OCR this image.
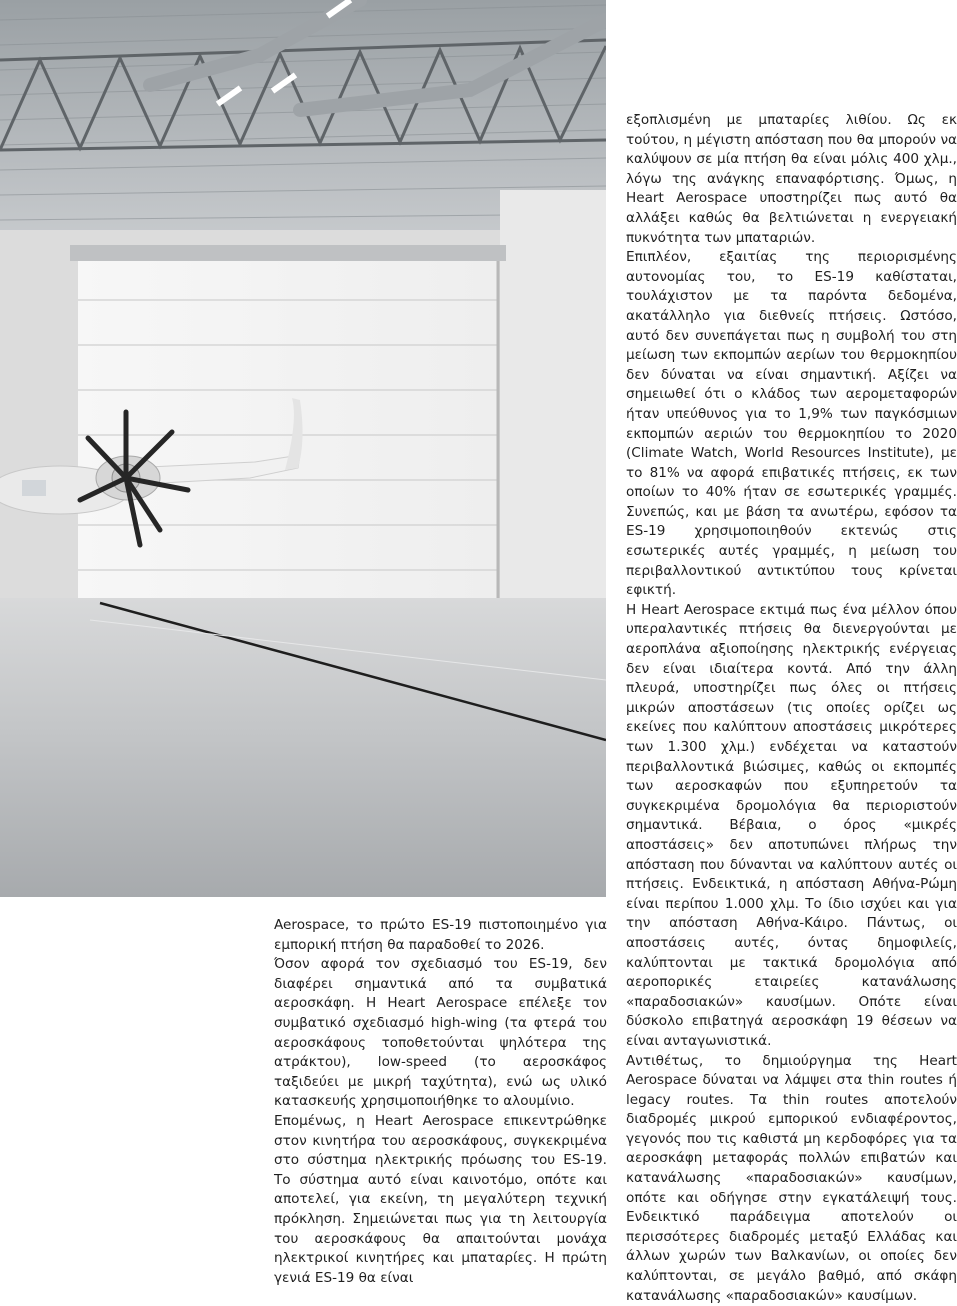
Aerospace, το πρώτο ES-19 πιστοποιημένο για εμπορική πτήση θα παραδοθεί το 2026.

Όσον αφορά τον σχεδιασμό του ES-19, δεν διαφέρει σημαντικά από τα συμβατικά αεροσκάφη. Η Heart Aerospace επέλεξε τον συμβατικό σχεδιασμό high-wing (τα φτερά του αεροσκάφους τοποθετούνται ψηλότερα της ατράκτου), low-speed (το αεροσκάφος ταξιδεύει με μικρή ταχύτητα), ενώ ως υλικό κατασκευής χρησιμοποιήθηκε το αλουμίνιο.

Επομένως, η Heart Aerospace επικεντρώθηκε στον κινητήρα του αεροσκάφους, συγκεκριμένα στο σύστημα ηλεκτρικής πρόωσης του ES-19. Το σύστημα αυτό είναι καινοτόμο, οπότε και αποτελεί, για εκείνη, τη μεγαλύτερη τεχνική πρόκληση. Σημειώνεται πως για τη λειτουργία του αεροσκάφους θα απαιτούνται μονάχα ηλεκτρικοί κινητήρες και μπαταρίες. Η πρώτη γενιά ES-19 θα είναι

εξοπλισμένη με μπαταρίες λιθίου. Ως εκ τούτου, η μέγιστη απόσταση που θα μπορούν να καλύψουν σε μία πτήση θα είναι μόλις 400 χλμ., λόγω της ανάγκης επαναφόρτισης. Όμως, η Heart Aerospace υποστηρίζει πως αυτό θα αλλάξει καθώς θα βελτιώνεται η ενεργειακή πυκνότητα των μπαταριών.

Επιπλέον, εξαιτίας της περιορισμένης αυτονομίας του, το ES-19 καθίσταται, τουλάχιστον με τα παρόντα δεδομένα, ακατάλληλο για διεθνείς πτήσεις. Ωστόσο, αυτό δεν συνεπάγεται πως η συμβολή του στη μείωση των εκπομπών αερίων του θερμοκηπίου δεν δύναται να είναι σημαντική. Αξίζει να σημειωθεί ότι ο κλάδος των αερομεταφορών ήταν υπεύθυνος για το 1,9% των παγκόσμιων εκπομπών αεριών του θερμοκηπίου το 2020 (Climate Watch, World Resources Institute), με το 81% να αφορά επιβατικές πτήσεις, εκ των οποίων το 40% ήταν σε εσωτερικές γραμμές. Συνεπώς, και με βάση τα ανωτέρω, εφόσον τα ES-19 χρησιμοποιηθούν εκτενώς στις εσωτερικές αυτές γραμμές, η μείωση του περιβαλλοντικού αντικτύπου τους κρίνεται εφικτή.

Η Heart Aerospace εκτιμά πως ένα μέλλον όπου υπεραλαντικές πτήσεις θα διενεργούνται με αεροπλάνα αξιοποίησης ηλεκτρικής ενέργειας δεν είναι ιδιαίτερα κοντά. Από την άλλη πλευρά, υποστηρίζει πως όλες οι πτήσεις μικρών αποστάσεων (τις οποίες ορίζει ως εκείνες που καλύπτουν αποστάσεις μικρότερες των 1.300 χλμ.) ενδέχεται να καταστούν περιβαλλοντικά βιώσιμες, καθώς οι εκπομπές των αεροσκαφών που εξυπηρετούν τα συγκεκριμένα δρομολόγια θα περιοριστούν σημαντικά. Βέβαια, ο όρος «μικρές αποστάσεις» δεν αποτυπώνει πλήρως την απόσταση που δύνανται να καλύπτουν αυτές οι πτήσεις. Ενδεικτικά, η απόσταση Αθήνα-Ρώμη είναι περίπου 1.000 χλμ. Το ίδιο ισχύει και για την απόσταση Αθήνα-Κάιρο. Πάντως, οι αποστάσεις αυτές, όντας δημοφιλείς, καλύπτονται με τακτικά δρομολόγια από αεροπορικές εταιρείες κατανάλωσης «παραδοσιακών» καυσίμων. Οπότε είναι δύσκολο επιβατηγά αεροσκάφη 19 θέσεων να είναι ανταγωνιστικά.

Αντιθέτως, το δημιούργημα της Heart Aerospace δύναται να λάμψει στα thin routes ή legacy routes. Τα thin routes αποτελούν διαδρομές μικρού εμπορικού ενδιαφέροντος, γεγονός που τις καθιστά μη κερδοφόρες για τα αεροσκάφη μεταφοράς πολλών επιβατών και κατανάλωσης «παραδοσιακών» καυσίμων, οπότε και οδήγησε στην εγκατάλειψή τους. Ενδεικτικό παράδειγμα αποτελούν οι περισσότερες διαδρομές μεταξύ Ελλάδας και άλλων χωρών των Βαλκανίων, οι οποίες δεν καλύπτονται, σε μεγάλο βαθμό, από σκάφη κατανάλωσης «παραδοσιακών» καυσίμων.
